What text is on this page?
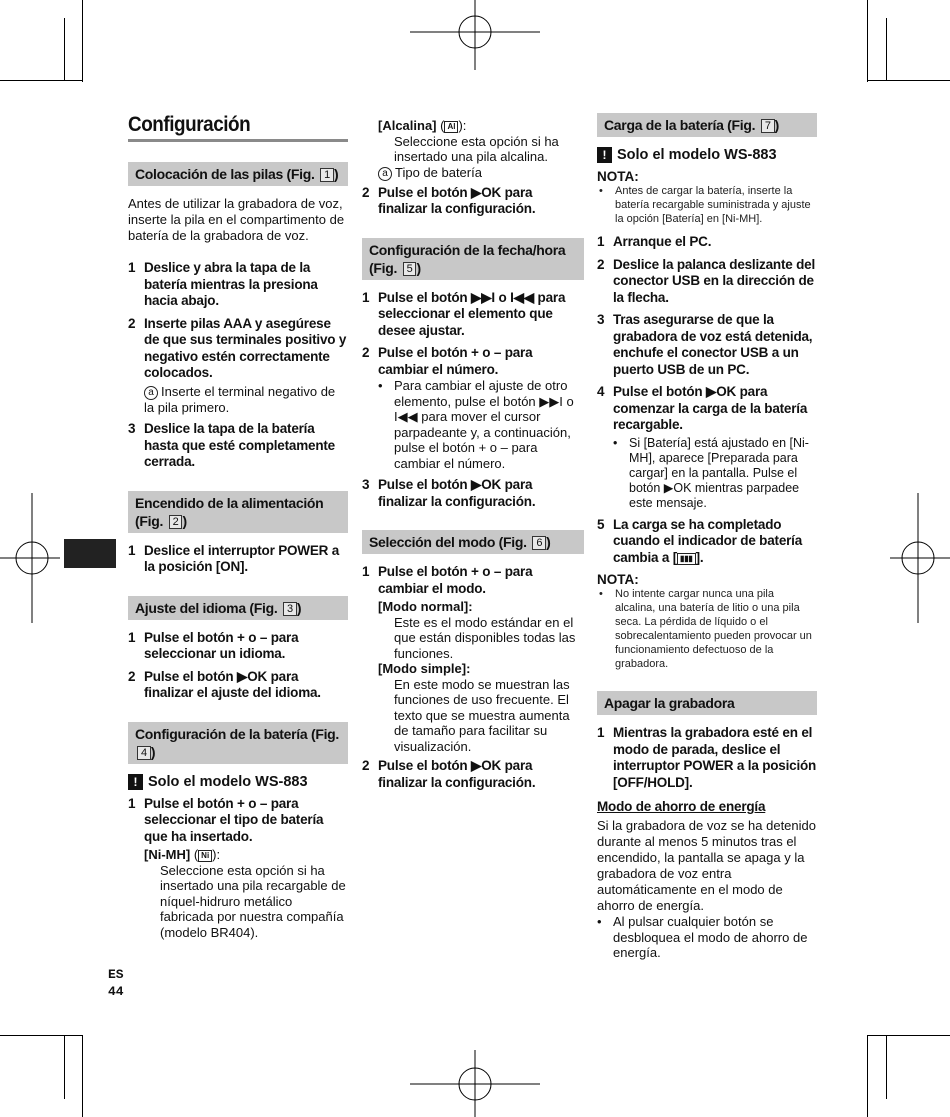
Configuración
Colocación de las pilas (Fig. 1 )

Antes de utilizar la grabadora de voz, inserte la pila en el compartimento de batería de la grabadora de voz.

1 Deslice y abra la tapa de la batería mientras la presiona hacia abajo.
2 Inserte pilas AAA y asegúrese de que sus terminales positivo y negativo estén correctamente colocados.
a Inserte el terminal negativo de la pila primero.
3 Deslice la tapa de la batería hasta que esté completamente cerrada.
Encendido de la alimentación (Fig. 2 )
1 Deslice el interruptor POWER a la posición [ON].
Ajuste del idioma (Fig. 3 )
1 Pulse el botón + o – para seleccionar un idioma.
2 Pulse el botón ▶OK para finalizar el ajuste del idioma.
Configuración de la batería (Fig. 4 )
! Solo el modelo WS-883
1 Pulse el botón + o – para seleccionar el tipo de batería que ha insertado.
[Ni-MH] ( Ni ):
Seleccione esta opción si ha insertado una pila recargable de níquel-hidruro metálico fabricada por nuestra compañía (modelo BR404).
[Alcalina] ( Al ):
Seleccione esta opción si ha insertado una pila alcalina.
a Tipo de batería
2 Pulse el botón ▶OK para finalizar la configuración.
Configuración de la fecha/hora (Fig. 5 )
1 Pulse el botón ▶▶I o I◀◀ para seleccionar el elemento que desee ajustar.
2 Pulse el botón + o – para cambiar el número.
• Para cambiar el ajuste de otro elemento, pulse el botón ▶▶I o I◀◀ para mover el cursor parpadeante y, a continuación, pulse el botón + o – para cambiar el número.
3 Pulse el botón ▶OK para finalizar la configuración.
Selección del modo (Fig. 6 )
1 Pulse el botón + o – para cambiar el modo.
[Modo normal]:
Este es el modo estándar en el que están disponibles todas las funciones.
[Modo simple]:
En este modo se muestran las funciones de uso frecuente. El texto que se muestra aumenta de tamaño para facilitar su visualización.
2 Pulse el botón ▶OK para finalizar la configuración.
Carga de la batería (Fig. 7 )
! Solo el modelo WS-883
NOTA:
•	Antes de cargar la batería, inserte la batería recargable suministrada y ajuste la opción [Batería] en [Ni-MH].
1 Arranque el PC.
2 Deslice la palanca deslizante del conector USB en la dirección de la flecha.
3 Tras asegurarse de que la grabadora de voz está detenida, enchufe el conector USB a un puerto USB de un PC.
4 Pulse el botón ▶OK para comenzar la carga de la batería recargable.
• Si [Batería] está ajustado en [Ni-MH], aparece [Preparada para cargar] en la pantalla. Pulse el botón ▶OK mientras parpadee este mensaje.
5 La carga se ha completado cuando el indicador de batería cambia a [ ▮▮▮ ].
NOTA:
•	No intente cargar nunca una pila alcalina, una batería de litio o una pila seca. La pérdida de líquido o el sobrecalentamiento pueden provocar un funcionamiento defectuoso de la grabadora.
Apagar la grabadora
1 Mientras la grabadora esté en el modo de parada, deslice el interruptor POWER a la posición [OFF/HOLD].
Modo de ahorro de energía

Si la grabadora de voz se ha detenido durante al menos 5 minutos tras el encendido, la pantalla se apaga y la grabadora de voz entra automáticamente en el modo de ahorro de energía.

• Al pulsar cualquier botón se desbloquea el modo de ahorro de energía.
ES
44
